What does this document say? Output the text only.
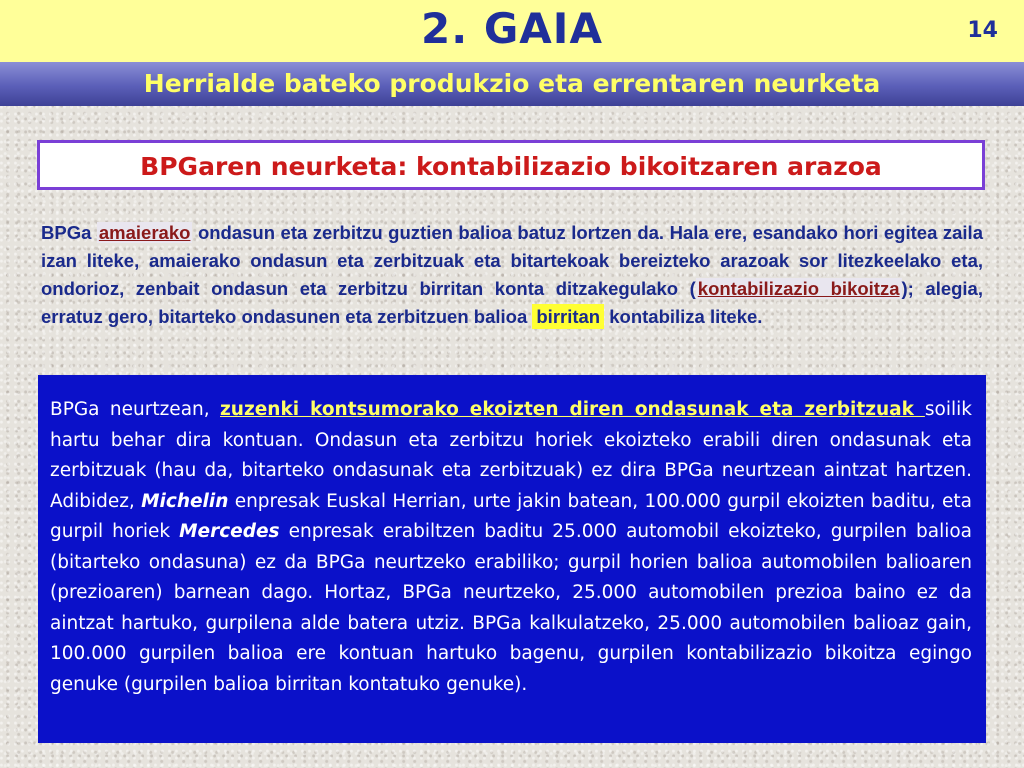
2. GAIA	14
Herrialde bateko produkzio eta errentaren neurketa
BPGaren neurketa: kontabilizazio bikoitzaren arazoa

BPGa amaierako ondasun eta zerbitzu guztien balioa batuz lortzen da. Hala ere, esandako hori egitea zaila izan liteke, amaierako ondasun eta zerbitzuak eta bitartekoak bereizteko arazoak sor litezkeelako eta, ondorioz, zenbait ondasun eta zerbitzu birritan konta ditzakegulako ( kontabilizazio bikoitza ); alegia, erratuz gero, bitarteko ondasunen eta zerbitzuen balioa birritan kontabiliza liteke.

BPGa neurtzean, zuzenki kontsumorako ekoizten diren ondasunak eta zerbitzuak soilik hartu behar dira kontuan. Ondasun eta zerbitzu horiek ekoizteko erabili diren ondasunak eta zerbitzuak (hau da, bitarteko ondasunak eta zerbitzuak) ez dira BPGa neurtzean aintzat hartzen. Adibidez, Michelin enpresak Euskal Herrian, urte jakin batean, 100.000 gurpil ekoizten baditu, eta gurpil horiek Mercedes enpresak erabiltzen baditu 25.000 automobil ekoizteko, gurpilen balioa (bitarteko ondasuna) ez da BPGa neurtzeko erabiliko; gurpil horien balioa automobilen balioaren (prezioaren) barnean dago. Hortaz, BPGa neurtzeko, 25.000 automobilen prezioa baino ez da aintzat hartuko, gurpilena alde batera utziz. BPGa kalkulatzeko, 25.000 automobilen balioaz gain, 100.000 gurpilen balioa ere kontuan hartuko bagenu, gurpilen kontabilizazio bikoitza egingo genuke (gurpilen balioa birritan kontatuko genuke).
